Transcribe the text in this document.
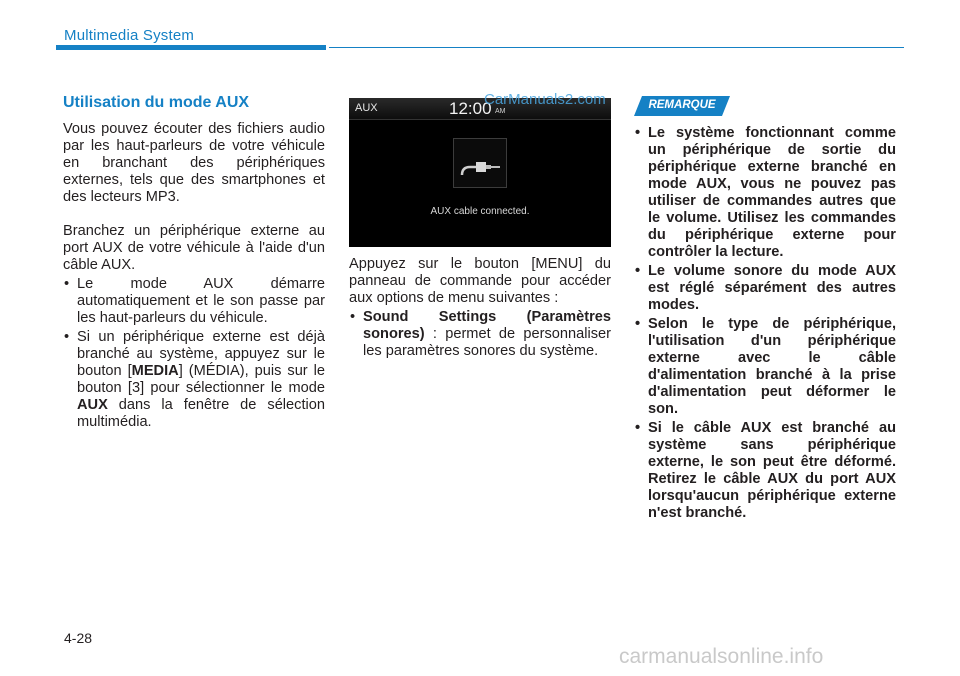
Multimedia System
Utilisation du mode AUX

Vous pouvez écouter des fichiers audio par les haut-parleurs de votre véhicule en branchant des périphériques externes, tels que des smartphones et des lecteurs MP3.

Branchez un périphérique externe au port AUX de votre véhicule à l'aide d'un câble AUX.

• Le mode AUX démarre automatiquement et le son passe par les haut-parleurs du véhicule.
• Si un périphérique externe est déjà branché au système, appuyez sur le bouton [MEDIA] (MÉDIA), puis sur le bouton [3] pour sélectionner le mode AUX dans la fenêtre de sélection multimédia.
AUX	12:00 AM
AUX cable connected.
CarManuals2.com

Appuyez sur le bouton [MENU] du panneau de commande pour accéder aux options de menu suivantes :

• Sound Settings (Paramètres sonores) : permet de personnaliser les paramètres sonores du système.
REMARQUE
• Le système fonctionnant comme un périphérique de sortie du périphérique externe branché en mode AUX, vous ne pouvez pas utiliser de commandes autres que le volume. Utilisez les commandes du périphérique externe pour contrôler la lecture.
• Le volume sonore du mode AUX est réglé séparément des autres modes.
• Selon le type de périphérique, l'utilisation d'un périphérique externe avec le câble d'alimentation branché à la prise d'alimentation peut déformer le son.
• Si le câble AUX est branché au système sans périphérique externe, le son peut être déformé. Retirez le câble AUX du port AUX lorsqu'aucun périphérique externe n'est branché.
4-28
carmanualsonline.info
